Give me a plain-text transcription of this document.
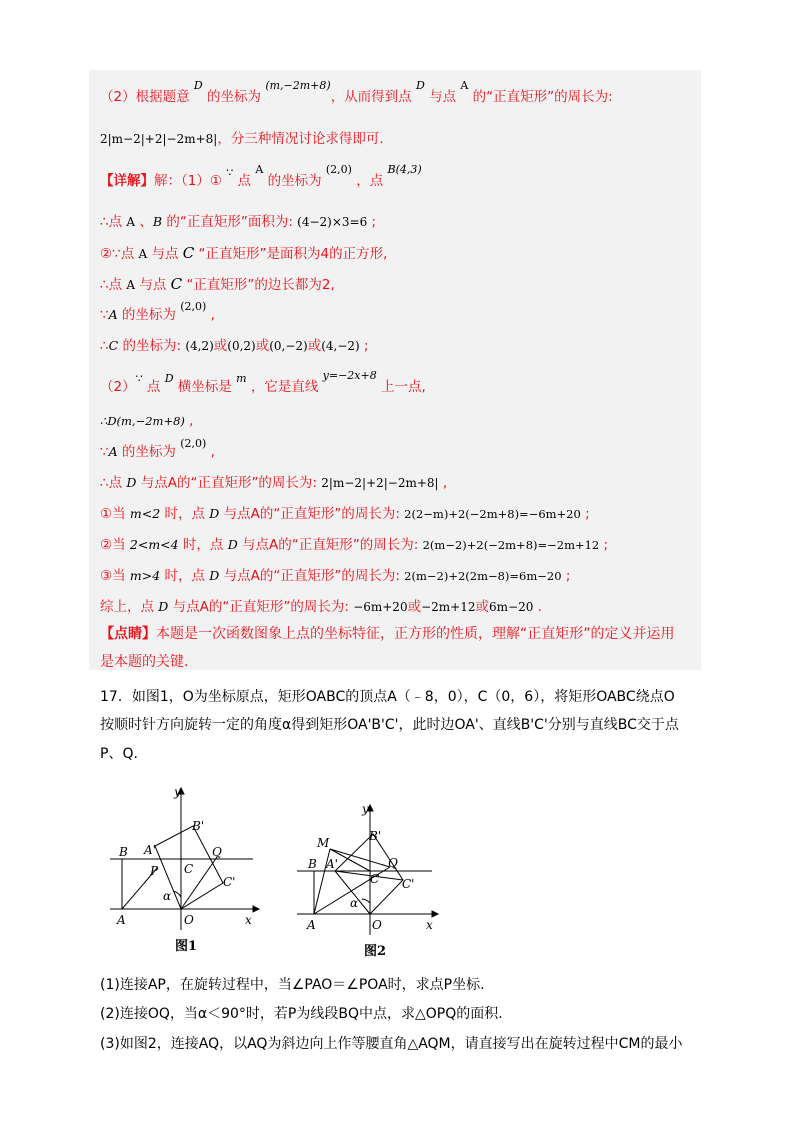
（2）根据题意 $^D$ 的坐标为 $^{(m,-2m+8)}$，从而得到点 $^D$ 与点 $^A$ 的“正直矩形”的周长为:
2|m−2|+2|−2m+8|，分三种情况讨论求得即可.
【详解】解：（1）① ∵ 点 $^A$ 的坐标为 $^{(2,0)}$ ，点 $^{B(4,3)}$
∴点 A 、B 的“正直矩形”面积为: (4−2)×3=6 ;
②∵点 A 与点 C “正直矩形”是面积为4的正方形,
∴点 A 与点 C “正直矩形”的边长都为2,
∵A 的坐标为 $^{(2,0)}$ ,
∴C 的坐标为: (4,2)或(0,2)或(0,−2)或(4,−2) ;
（2）∵ 点 $^D$ 横坐标是 $^m$ ，它是直线 $^{y=-2x+8}$ 上一点,
∴D(m,−2m+8) ,
∵A 的坐标为 $^{(2,0)}$ ,
∴点 D 与点A的“正直矩形”的周长为: 2|m−2|+2|−2m+8| ,
①当 m<2 时，点 D 与点A的“正直矩形”的周长为: 2(2−m)+2(−2m+8)=−6m+20 ;
②当 2<m<4 时，点 D 与点A的“正直矩形”的周长为: 2(m−2)+2(−2m+8)=−2m+12 ;
③当 m>4 时，点 D 与点A的“正直矩形”的周长为: 2(m−2)+2(2m−8)=6m−20 ;
综上，点 D 与点A的“正直矩形”的周长为: −6m+20或−2m+12或6m−20 .
【点睛】本题是一次函数图象上点的坐标特征，正方形的性质，理解“正直矩形”的定义并运用
是本题的关键.
17．如图1，O为坐标原点，矩形OABC的顶点A（﹣8，0），C（0，6），将矩形OABC绕点O
按顺时针方向旋转一定的角度α得到矩形OA'B'C'，此时边OA'、直线B'C'分别与直线BC交于点
P、Q.
y
x
B A'
B'
Q
C
P
C'
α
A	O
图1
y
x
M
B A'
B'
Q
C C'
α
A	O
图2
(1)连接AP，在旋转过程中，当∠PAO＝∠POA时，求点P坐标.
(2)连接OQ，当α＜90°时，若P为线段BQ中点，求△OPQ的面积.
(3)如图2，连接AQ，以AQ为斜边向上作等腰直角△AQM，请直接写出在旋转过程中CM的最小
